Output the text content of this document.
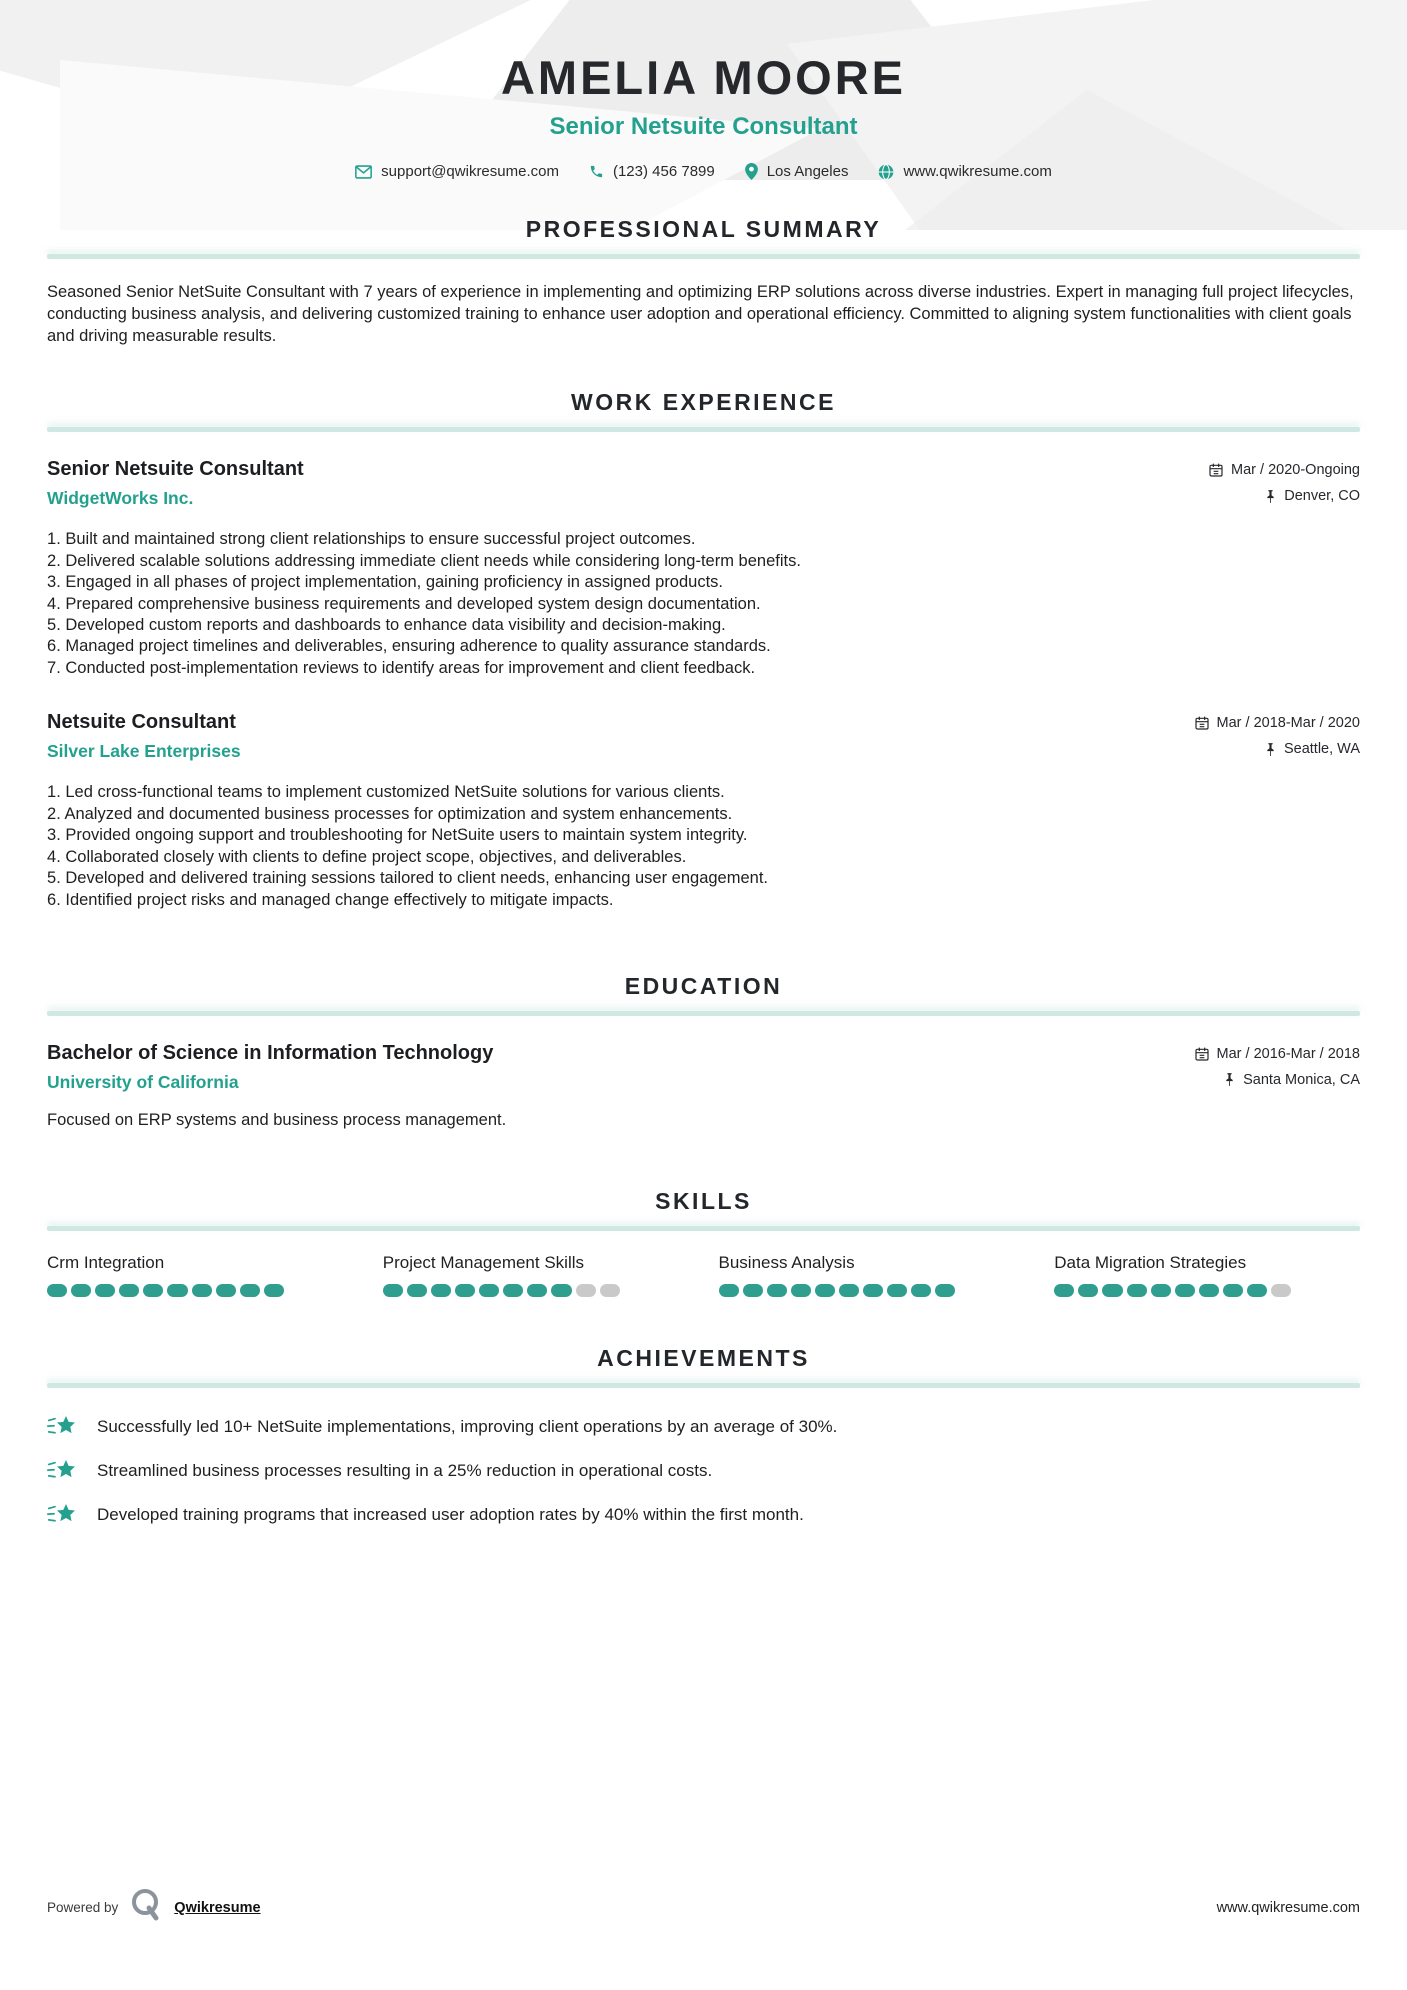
AMELIA MOORE
Senior Netsuite Consultant
support@qwikresume.com	(123) 456 7899	Los Angeles	www.qwikresume.com
PROFESSIONAL SUMMARY

Seasoned Senior NetSuite Consultant with 7 years of experience in implementing and optimizing ERP solutions across diverse industries. Expert in managing full project lifecycles, conducting business analysis, and delivering customized training to enhance user adoption and operational efficiency. Committed to aligning system functionalities with client goals and driving measurable results.

WORK EXPERIENCE
Senior Netsuite Consultant
WidgetWorks Inc.
Mar / 2020-Ongoing
Denver, CO
Built and maintained strong client relationships to ensure successful project outcomes.
Delivered scalable solutions addressing immediate client needs while considering long-term benefits.
Engaged in all phases of project implementation, gaining proficiency in assigned products.
Prepared comprehensive business requirements and developed system design documentation.
Developed custom reports and dashboards to enhance data visibility and decision-making.
Managed project timelines and deliverables, ensuring adherence to quality assurance standards.
Conducted post-implementation reviews to identify areas for improvement and client feedback.
Netsuite Consultant
Silver Lake Enterprises
Mar / 2018-Mar / 2020
Seattle, WA
Led cross-functional teams to implement customized NetSuite solutions for various clients.
Analyzed and documented business processes for optimization and system enhancements.
Provided ongoing support and troubleshooting for NetSuite users to maintain system integrity.
Collaborated closely with clients to define project scope, objectives, and deliverables.
Developed and delivered training sessions tailored to client needs, enhancing user engagement.
Identified project risks and managed change effectively to mitigate impacts.
EDUCATION
Bachelor of Science in Information Technology
University of California
Mar / 2016-Mar / 2018
Santa Monica, CA

Focused on ERP systems and business process management.

SKILLS
Crm Integration	Project Management Skills	Business Analysis	Data Migration Strategies
ACHIEVEMENTS
Successfully led 10+ NetSuite implementations, improving client operations by an average of 30%.
Streamlined business processes resulting in a 25% reduction in operational costs.
Developed training programs that increased user adoption rates by 40% within the first month.
Powered by	Qwikresume	www.qwikresume.com
